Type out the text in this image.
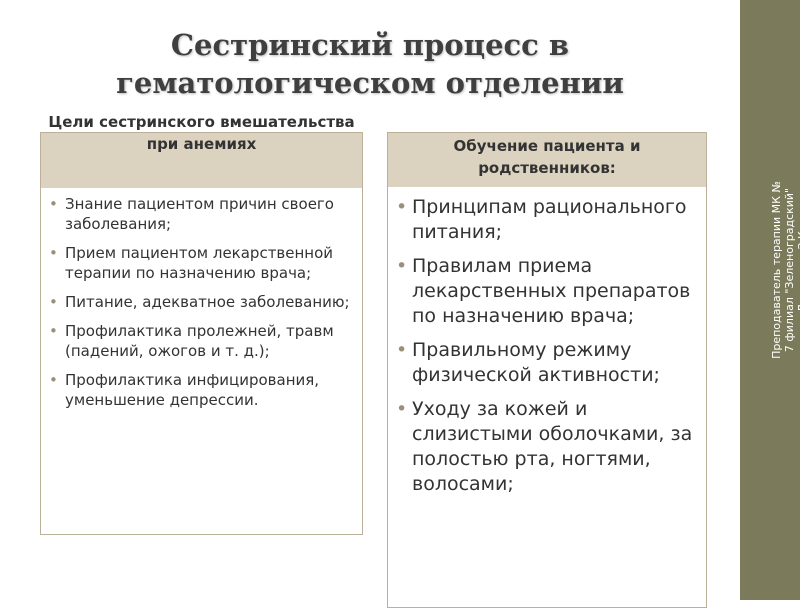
Сестринский процесс в гематологическом отделении
Цели сестринского вмешательства при анемиях
• Знание пациентом причин своего заболевания;
• Прием пациентом лекарственной терапии по назначению врача;
• Питание, адекватное заболеванию;
• Профилактика пролежней, травм (падений, ожогов и т. д.);
• Профилактика инфицирования, уменьшение депрессии.
Обучение пациента и родственников:
• Принципам рационального питания;
• Правилам приема лекарственных препаратов по назначению врача;
• Правильному режиму физической активности;
• Уходу за кожей и слизистыми оболочками, за полостью рта, ногтями, волосами;
Преподаватель терапии МК № 7 филиал "Зеленоградский" Деношева З.К.
